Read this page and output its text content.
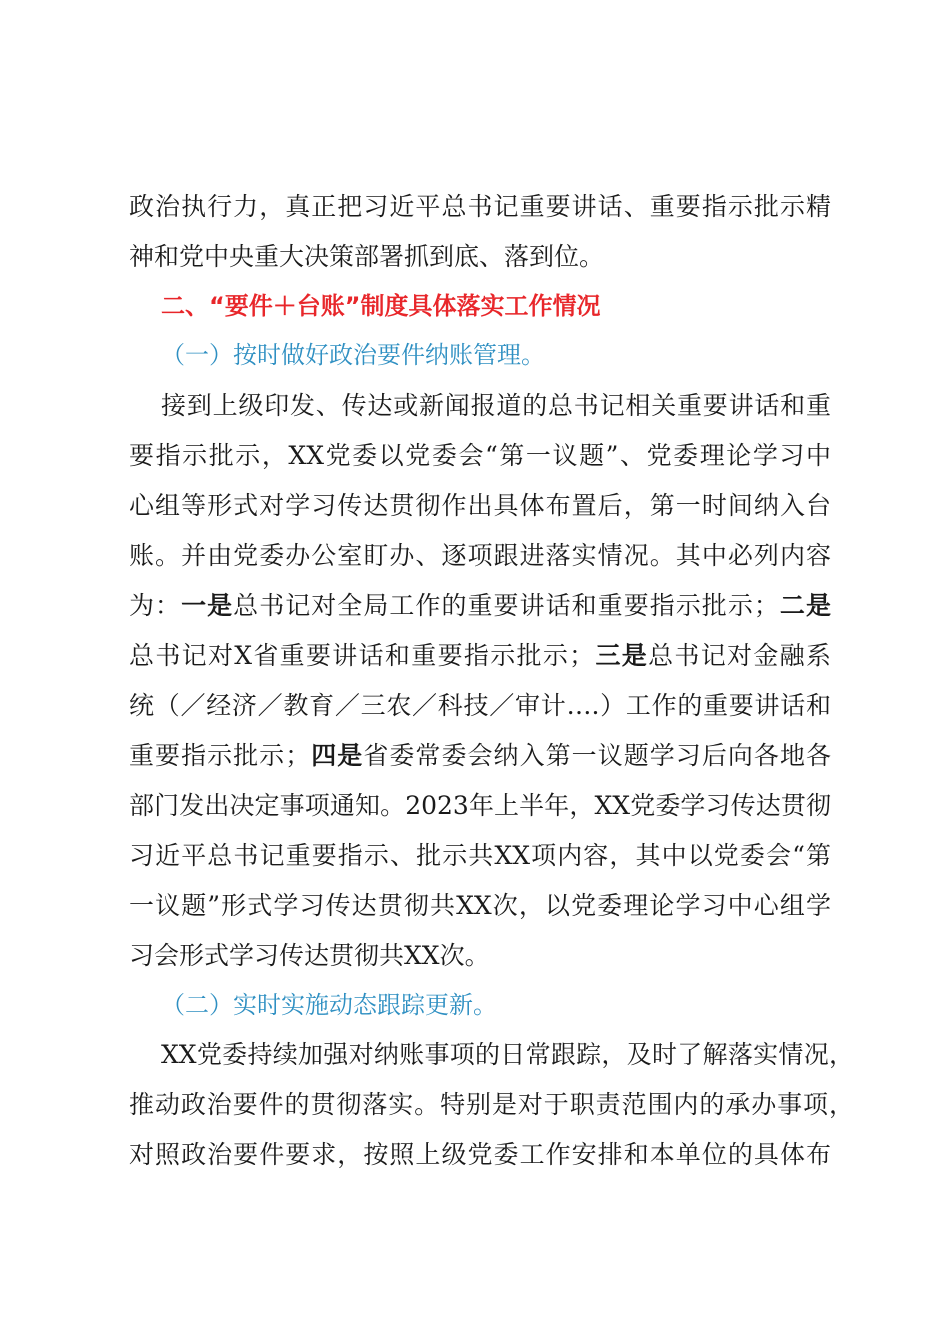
政治执行力，真正把习近平总书记重要讲话、重要指示批示精
神和党中央重大决策部署抓到底、落到位。
二、“要件＋台账”制度具体落实工作情况
（一）按时做好政治要件纳账管理。
接到上级印发、传达或新闻报道的总书记相关重要讲话和重
要指示批示，XX党委以党委会“第一议题”、党委理论学习中
心组等形式对学习传达贯彻作出具体布置后，第一时间纳入台
账。并由党委办公室盯办、逐项跟进落实情况。其中必列内容
为：一是总书记对全局工作的重要讲话和重要指示批示；二是
总书记对X省重要讲话和重要指示批示；三是总书记对金融系
统（／经济／教育／三农／科技／审计….）工作的重要讲话和
重要指示批示；四是省委常委会纳入第一议题学习后向各地各
部门发出决定事项通知。2023年上半年，XX党委学习传达贯彻
习近平总书记重要指示、批示共XX项内容，其中以党委会“第
一议题”形式学习传达贯彻共XX次，以党委理论学习中心组学
习会形式学习传达贯彻共XX次。
（二）实时实施动态跟踪更新。
XX党委持续加强对纳账事项的日常跟踪，及时了解落实情况，
推动政治要件的贯彻落实。特别是对于职责范围内的承办事项，
对照政治要件要求，按照上级党委工作安排和本单位的具体布
